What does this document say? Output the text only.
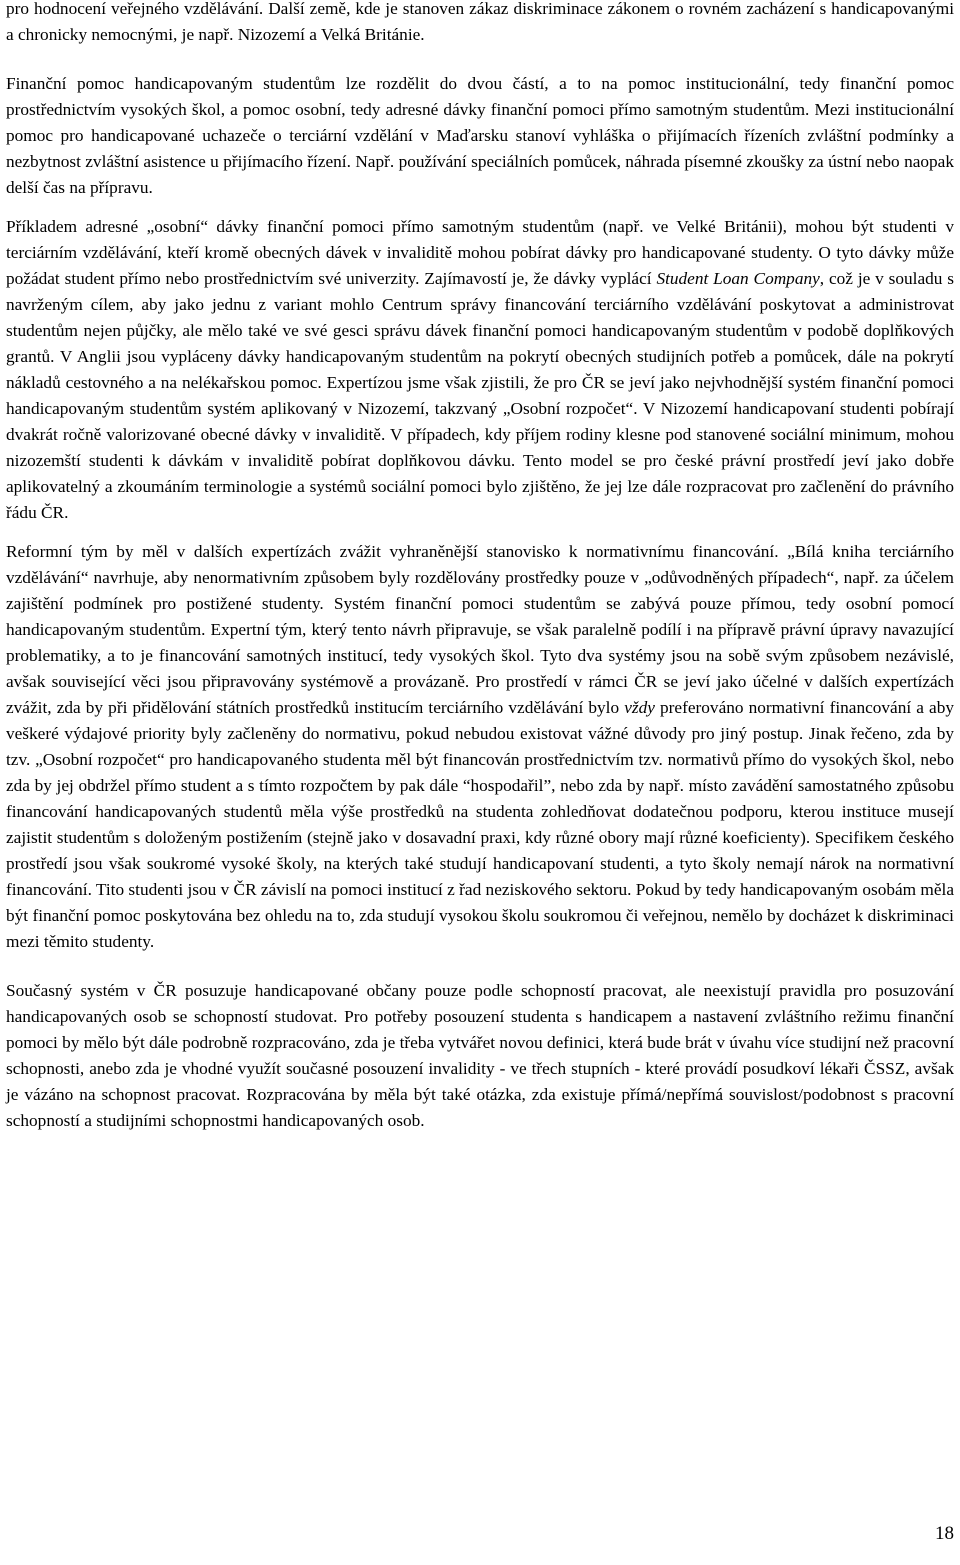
pro hodnocení veřejného vzdělávání. Další země, kde je stanoven zákaz diskriminace zákonem o rovném zacházení s handicapovanými a chronicky nemocnými, je např. Nizozemí a Velká Británie.

Finanční pomoc handicapovaným studentům lze rozdělit do dvou částí, a to na pomoc institucionální, tedy finanční pomoc prostřednictvím vysokých škol, a pomoc osobní, tedy adresné dávky finanční pomoci přímo samotným studentům. Mezi institucionální pomoc pro handicapované uchazeče o terciární vzdělání v Maďarsku stanoví vyhláška o přijímacích řízeních zvláštní podmínky a nezbytnost zvláštní asistence u přijímacího řízení. Např. používání speciálních pomůcek, náhrada písemné zkoušky za ústní nebo naopak delší čas na přípravu.

Příkladem adresné „osobní“ dávky finanční pomoci přímo samotným studentům (např. ve Velké Británii), mohou být studenti v terciárním vzdělávání, kteří kromě obecných dávek v invaliditě mohou pobírat dávky pro handicapované studenty. O tyto dávky může požádat student přímo nebo prostřednictvím své univerzity. Zajímavostí je, že dávky vyplácí Student Loan Company, což je v souladu s navrženým cílem, aby jako jednu z variant mohlo Centrum správy financování terciárního vzdělávání poskytovat a administrovat studentům nejen půjčky, ale mělo také ve své gesci správu dávek finanční pomoci handicapovaným studentům v podobě doplňkových grantů. V Anglii jsou vypláceny dávky handicapovaným studentům na pokrytí obecných studijních potřeb a pomůcek, dále na pokrytí nákladů cestovného a na nelékařskou pomoc. Expertízou jsme však zjistili, že pro ČR se jeví jako nejvhodnější systém finanční pomoci handicapovaným studentům systém aplikovaný v Nizozemí, takzvaný „Osobní rozpočet“. V Nizozemí handicapovaní studenti pobírají dvakrát ročně valorizované obecné dávky v invaliditě. V případech, kdy příjem rodiny klesne pod stanovené sociální minimum, mohou nizozemští studenti k dávkám v invaliditě pobírat doplňkovou dávku. Tento model se pro české právní prostředí jeví jako dobře aplikovatelný a zkoumáním terminologie a systémů sociální pomoci bylo zjištěno, že jej lze dále rozpracovat pro začlenění do právního řádu ČR.

Reformní tým by měl v dalších expertízách zvážit vyhraněnější stanovisko k normativnímu financování. „Bílá kniha terciárního vzdělávání“ navrhuje, aby nenormativním způsobem byly rozdělovány prostředky pouze v „odůvodněných případech“, např. za účelem zajištění podmínek pro postižené studenty. Systém finanční pomoci studentům se zabývá pouze přímou, tedy osobní pomocí handicapovaným studentům. Expertní tým, který tento návrh připravuje, se však paralelně podílí i na přípravě právní úpravy navazující problematiky, a to je financování samotných institucí, tedy vysokých škol. Tyto dva systémy jsou na sobě svým způsobem nezávislé, avšak související věci jsou připravovány systémově a provázaně. Pro prostředí v rámci ČR se jeví jako účelné v dalších expertízách zvážit, zda by při přidělování státních prostředků institucím terciárního vzdělávání bylo vždy preferováno normativní financování a aby veškeré výdajové priority byly začleněny do normativu, pokud nebudou existovat vážné důvody pro jiný postup. Jinak řečeno, zda by tzv. „Osobní rozpočet“ pro handicapovaného studenta měl být financován prostřednictvím tzv. normativů přímo do vysokých škol, nebo zda by jej obdržel přímo student a s tímto rozpočtem by pak dále “hospodařil”, nebo zda by např. místo zavádění samostatného způsobu financování handicapovaných studentů měla výše prostředků na studenta zohledňovat dodatečnou podporu, kterou instituce musejí zajistit studentům s doloženým postižením (stejně jako v dosavadní praxi, kdy různé obory mají různé koeficienty). Specifikem českého prostředí jsou však soukromé vysoké školy, na kterých také studují handicapovaní studenti, a tyto školy nemají nárok na normativní financování. Tito studenti jsou v ČR závislí na pomoci institucí z řad neziskového sektoru. Pokud by tedy handicapovaným osobám měla být finanční pomoc poskytována bez ohledu na to, zda studují vysokou školu soukromou či veřejnou, nemělo by docházet k diskriminaci mezi těmito studenty.

Současný systém v ČR posuzuje handicapované občany pouze podle schopností pracovat, ale neexistují pravidla pro posuzování handicapovaných osob se schopností studovat. Pro potřeby posouzení studenta s handicapem a nastavení zvláštního režimu finanční pomoci by mělo být dále podrobně rozpracováno, zda je třeba vytvářet novou definici, která bude brát v úvahu více studijní než pracovní schopnosti, anebo zda je vhodné využít současné posouzení invalidity - ve třech stupních - které provádí posudkoví lékaři ČSSZ, avšak je vázáno na schopnost pracovat. Rozpracována by měla být také otázka, zda existuje přímá/nepřímá souvislost/podobnost s pracovní schopností a studijními schopnostmi handicapovaných osob.

18
